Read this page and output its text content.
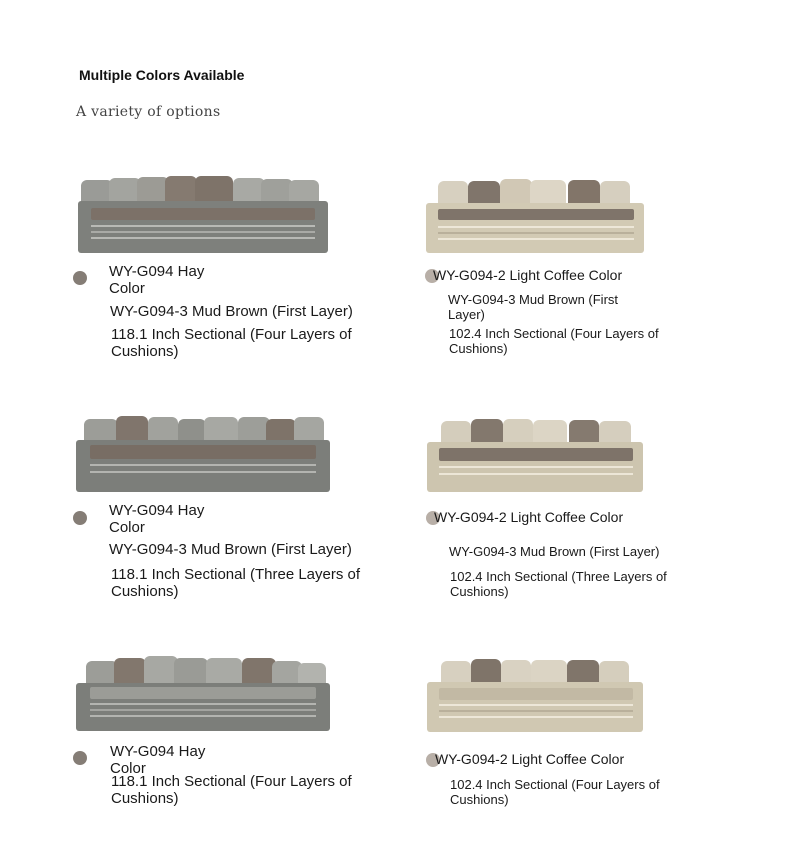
Multiple Colors Available
A variety of options
WY-G094 Hay Color
WY-G094-3 Mud Brown (First Layer)
118.1 Inch Sectional (Four Layers of Cushions)
WY-G094-2 Light Coffee Color
WY-G094-3 Mud Brown (First Layer)
102.4 Inch Sectional (Four Layers of Cushions)
WY-G094 Hay Color
WY-G094-3 Mud Brown (First Layer)
118.1 Inch Sectional (Three Layers of Cushions)
WY-G094-2 Light Coffee Color
WY-G094-3 Mud Brown (First Layer)
102.4 Inch Sectional (Three Layers of Cushions)
WY-G094 Hay Color
118.1 Inch Sectional (Four Layers of Cushions)
WY-G094-2 Light Coffee Color
102.4 Inch Sectional (Four Layers of Cushions)
